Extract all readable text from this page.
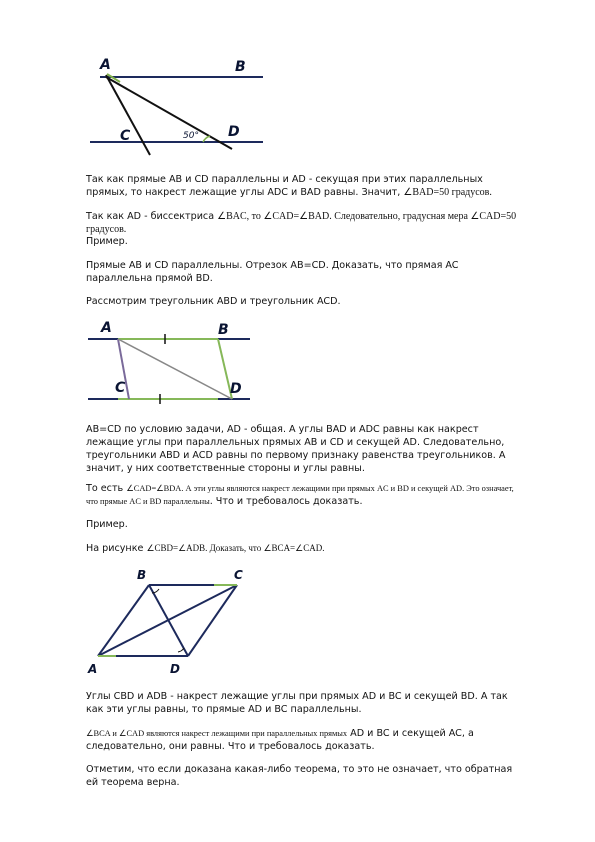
A	B
C	D
50°

Так как прямые AB и CD параллельны и AD - секущая при этих параллельных прямых, то накрест лежащие углы ADC и BAD равны. Значит, ∠BAD=50 градусов.

Так как AD - биссектриса ∠BAC, то ∠CAD=∠BAD. Следовательно, градусная мера ∠CAD=50 градусов.

Пример.

Прямые AB и CD параллельны. Отрезок AB=CD. Доказать, что прямая AC параллельна прямой BD.

Рассмотрим треугольник ABD и треугольник ACD.

A	B
C	D

AB=CD по условию задачи, AD - общая. А углы BAD и ADC равны как накрест лежащие углы при параллельных прямых AB и CD и секущей AD. Следовательно, треугольники ABD и ACD равны по первому признаку равенства треугольников. А значит, у них соответственные стороны и углы равны.

То есть ∠CAD=∠BDA. А эти углы являются накрест лежащими при прямых AC и BD и секущей AD. Это означает, что прямые AC и BD параллельны. Что и требовалось доказать.

Пример.

На рисунке ∠CBD=∠ADB. Доказать, что ∠BCA=∠CAD.

B	C
A	D

Углы CBD и ADB - накрест лежащие углы при прямых AD и BC и секущей BD. А так как эти углы равны, то прямые AD и BC параллельны.

∠BCA и ∠CAD являются накрест лежащими при параллельных прямых AD и BC и секущей AC, а следовательно, они равны. Что и требовалось доказать.

Отметим, что если доказана какая-либо теорема, то это не означает, что обратная ей теорема верна.
